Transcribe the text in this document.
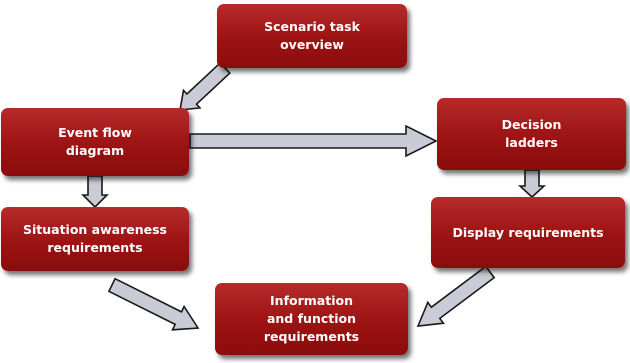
Scenario task
overview
Event flow
diagram
Decision
ladders
Situation awareness
requirements
Display requirements
Information
and function
requirements
